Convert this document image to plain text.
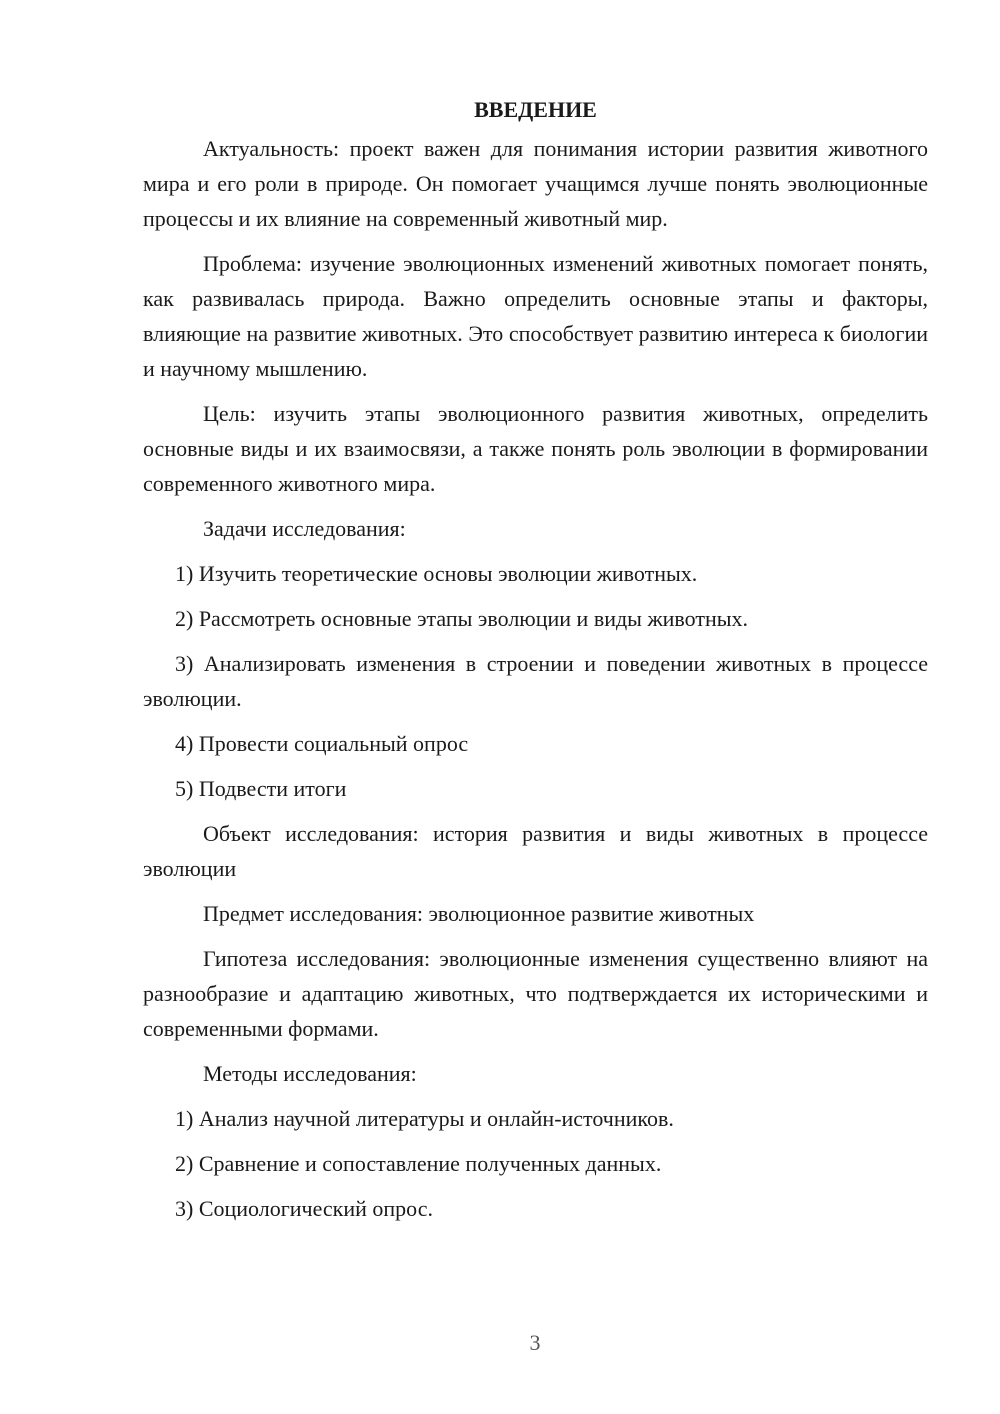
ВВЕДЕНИЕ

Актуальность: проект важен для понимания истории развития животного мира и его роли в природе. Он помогает учащимся лучше понять эволюционные процессы и их влияние на современный животный мир.

Проблема: изучение эволюционных изменений животных помогает понять, как развивалась природа. Важно определить основные этапы и факторы, влияющие на развитие животных. Это способствует развитию интереса к биологии и научному мышлению.

Цель: изучить этапы эволюционного развития животных, определить основные виды и их взаимосвязи, а также понять роль эволюции в формировании современного животного мира.

Задачи исследования:

1) Изучить теоретические основы эволюции животных.

2) Рассмотреть основные этапы эволюции и виды животных.

3) Анализировать изменения в строении и поведении животных в процессе эволюции.

4) Провести социальный опрос

5) Подвести итоги

Объект исследования: история развития и виды животных в процессе эволюции

Предмет исследования: эволюционное развитие животных

Гипотеза исследования: эволюционные изменения существенно влияют на разнообразие и адаптацию животных, что подтверждается их историческими и современными формами.

Методы исследования:

1) Анализ научной литературы и онлайн-источников.

2) Сравнение и сопоставление полученных данных.

3) Социологический опрос.

3
